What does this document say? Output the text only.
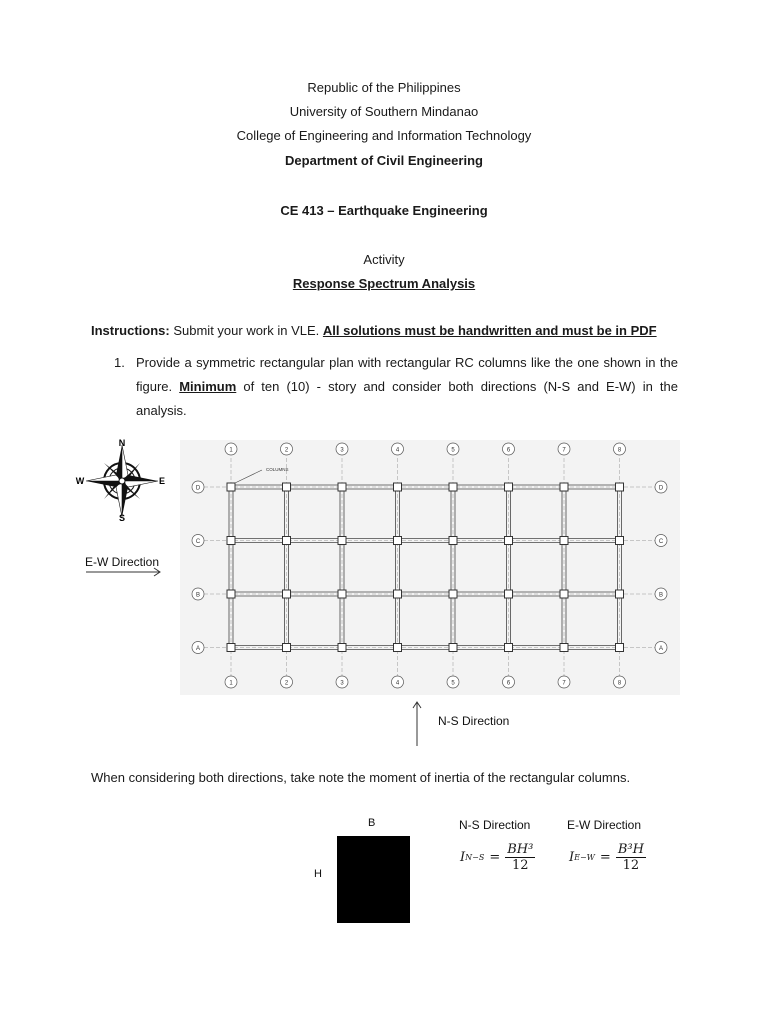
Republic of the Philippines
University of Southern Mindanao
College of Engineering and Information Technology
Department of Civil Engineering
CE 413 – Earthquake Engineering
Activity
Response Spectrum Analysis
Instructions: Submit your work in VLE. All solutions must be handwritten and must be in PDF
1. Provide a symmetric rectangular plan with rectangular RC columns like the one shown in the figure. Minimum of ten (10) - story and consider both directions (N-S and E-W) in the analysis.
N
S
W	E
E-W Direction
1
1
2
2
3
3
4
4
5
5
6
6
7
7
8
8
D	D
C	C
B	B
A	A
COLUMNS
N-S Direction
When considering both directions, take note the moment of inertia of the rectangular columns.
B
H
N-S Direction	E-W Direction
I $N-S = \frac{\text{BH³}}{12}$	I $E-W = \frac{\text{B³H}}{12}$
